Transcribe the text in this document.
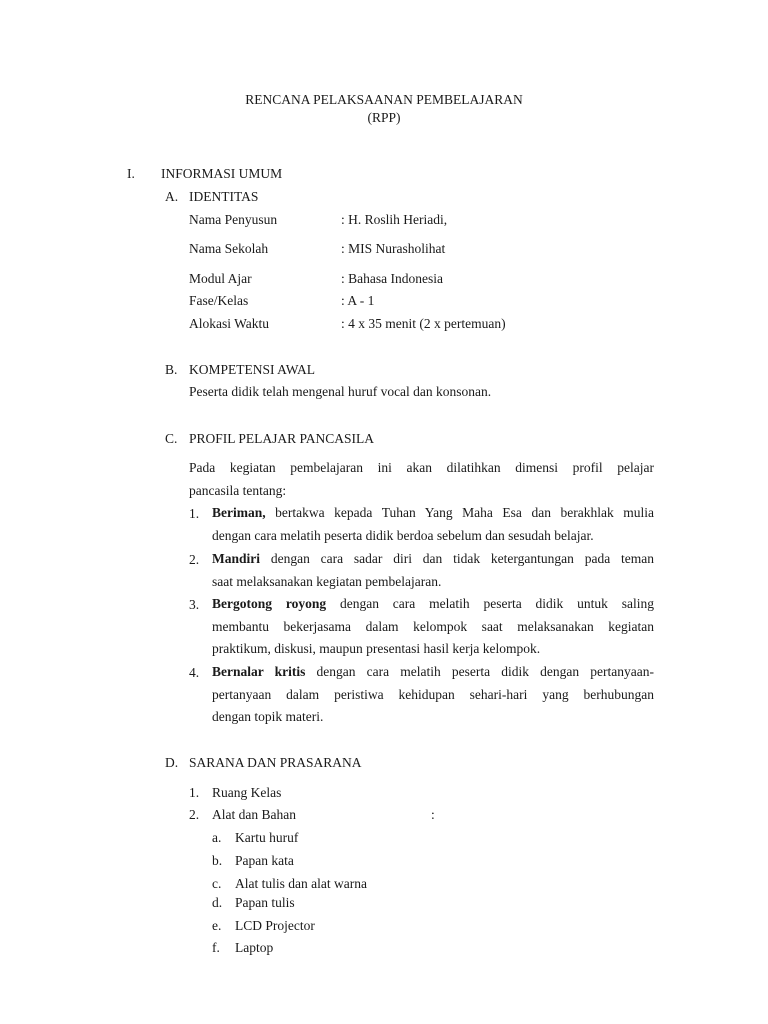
RENCANA PELAKSAANAN PEMBELAJARAN
(RPP)
I. INFORMASI UMUM
A. IDENTITAS
Nama Penyusun	: H. Roslih Heriadi,
Nama Sekolah	: MIS Nurasholihat
Modul Ajar	: Bahasa Indonesia
Fase/Kelas	: A - 1
Alokasi Waktu	: 4 x 35 menit (2 x pertemuan)
B. KOMPETENSI AWAL
Peserta didik telah mengenal huruf vocal dan konsonan.
C. PROFIL PELAJAR PANCASILA
Pada kegiatan pembelajaran ini akan dilatihkan dimensi profil pelajar
pancasila tentang:
1. Beriman, bertakwa kepada Tuhan Yang Maha Esa dan berakhlak mulia
dengan cara melatih peserta didik berdoa sebelum dan sesudah belajar.
2. Mandiri dengan cara sadar diri dan tidak ketergantungan pada teman
saat melaksanakan kegiatan pembelajaran.
3. Bergotong royong dengan cara melatih peserta didik untuk saling
membantu bekerjasama dalam kelompok saat melaksanakan kegiatan
praktikum, diskusi, maupun presentasi hasil kerja kelompok.
4. Bernalar kritis dengan cara melatih peserta didik dengan pertanyaan-
pertanyaan dalam peristiwa kehidupan sehari-hari yang berhubungan
dengan topik materi.
D. SARANA DAN PRASARANA
1. Ruang Kelas
2. Alat dan Bahan	:
a. Kartu huruf
b. Papan kata
c. Alat tulis dan alat warna
d. Papan tulis
e. LCD Projector
f. Laptop
